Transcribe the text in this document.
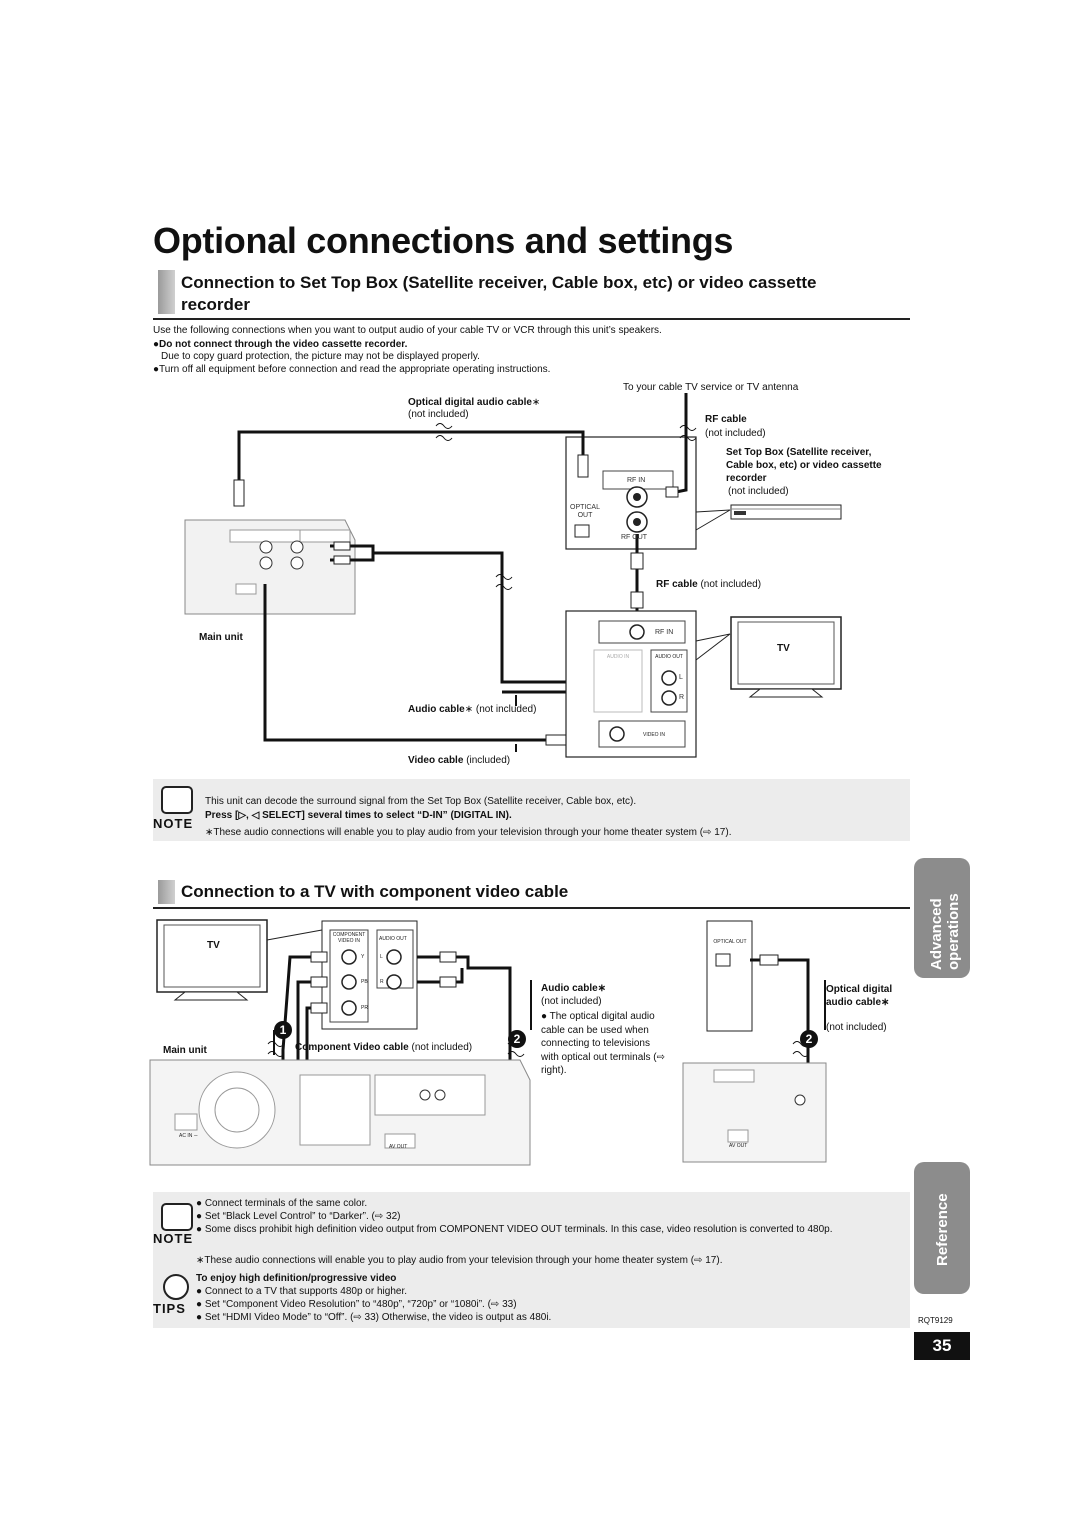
Optional connections and settings
Connection to Set Top Box (Satellite receiver, Cable box, etc) or video cassette recorder
Use the following connections when you want to output audio of your cable TV or VCR through this unit’s speakers.
●Do not connect through the video cassette recorder.
Due to copy guard protection, the picture may not be displayed properly.
●Turn off all equipment before connection and read the appropriate operating instructions.
To your cable TV service or TV antenna
Optical digital audio cable∗
(not included)	RF cable
(not included)
Set Top Box (Satellite receiver, Cable box, etc) or video cassette recorder
(not included)
RF IN
RF OUT
OPTICAL OUT
RF cable (not included)
Main unit
TV
RF IN
AUDIO IN	AUDIO OUT
L
R
VIDEO IN
Audio cable∗ (not included)
Video cable (included)
NOTE
This unit can decode the surround signal from the Set Top Box (Satellite receiver, Cable box, etc).
Press [▷, ◁ SELECT] several times to select “D-IN” (DIGITAL IN).
∗These audio connections will enable you to play audio from your television through your home theater system (⇨ 17).
Connection to a TV with component video cable
TV
COMPONENT VIDEO IN	AUDIO OUT
Y
PB
PR
L
R
1
2	2
Main unit	Component Video cable (not included)
Audio cable∗
(not included)
● The optical digital audio cable can be used when connecting to televisions with optical out terminals (⇨ right).
OPTICAL OUT
Optical digital audio cable∗
(not included)
AC IN ∼
AV OUT	AV OUT
NOTE
● Connect terminals of the same color.
● Set “Black Level Control” to “Darker”. (⇨ 32)
● Some discs prohibit high definition video output from COMPONENT VIDEO OUT terminals. In this case, video resolution is converted to 480p.
∗These audio connections will enable you to play audio from your television through your home theater system (⇨ 17).
TIPS
To enjoy high definition/progressive video
● Connect to a TV that supports 480p or higher.
● Set “Component Video Resolution” to “480p”, “720p” or “1080i”. (⇨ 33)
● Set “HDMI Video Mode” to “Off”. (⇨ 33) Otherwise, the video is output as 480i.
Advanced operations
Reference
RQT9129
35
